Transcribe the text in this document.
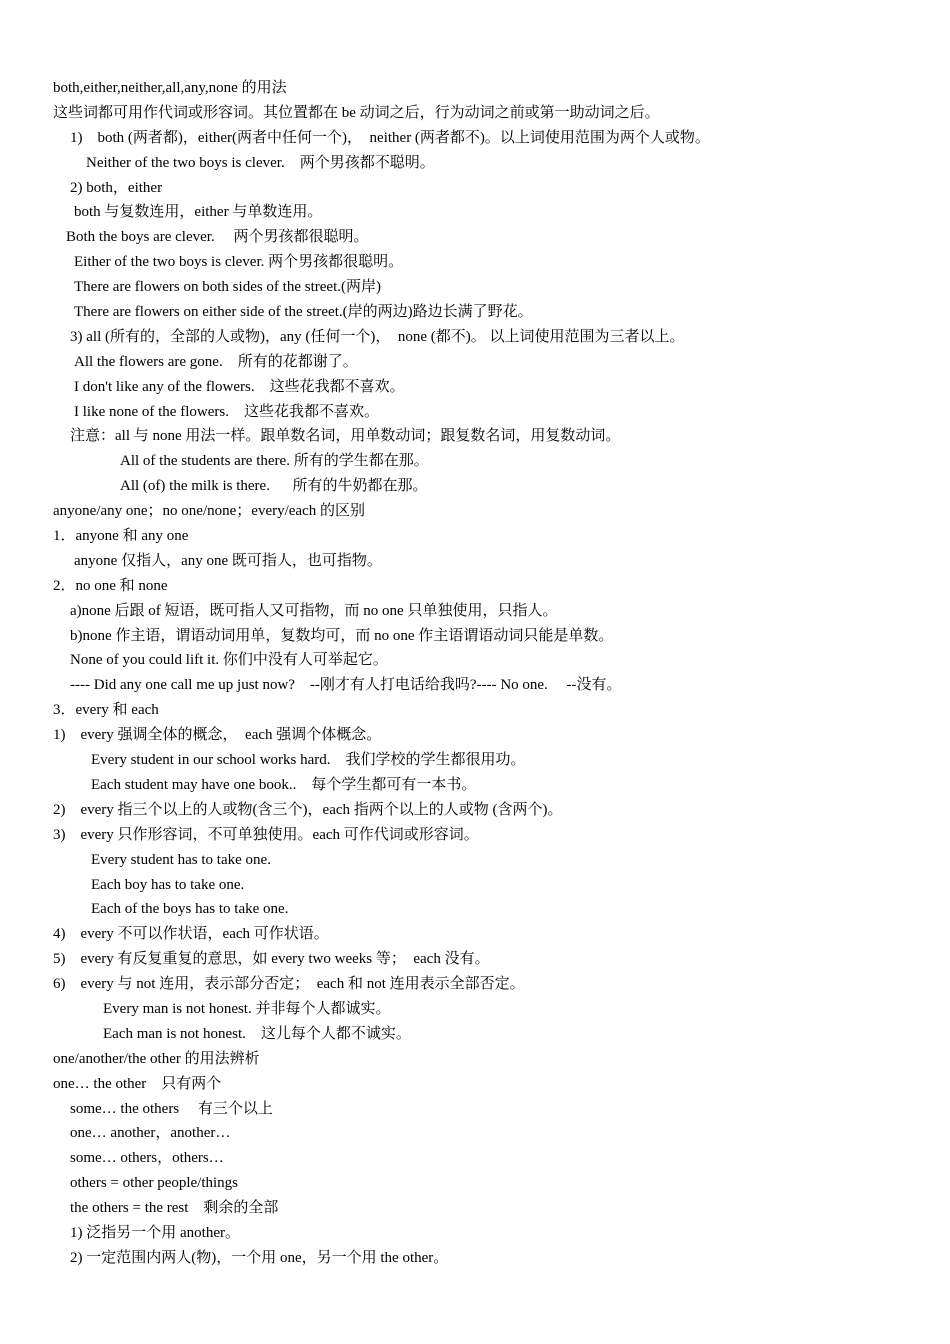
both,either,neither,all,any,none 的用法
这些词都可用作代词或形容词。其位置都在 be 动词之后，行为动词之前或第一助动词之后。
1)    both (两者都)，either(两者中任何一个)，  neither (两者都不)。以上词使用范围为两个人或物。
Neither of the two boys is clever.    两个男孩都不聪明。
2) both，either
both 与复数连用，either 与单数连用。
Both the boys are clever.     两个男孩都很聪明。
Either of the two boys is clever. 两个男孩都很聪明。
There are flowers on both sides of the street.(两岸)
There are flowers on either side of the street.(岸的两边)路边长满了野花。
3) all (所有的，全部的人或物)，any (任何一个)，  none (都不)。 以上词使用范围为三者以上。
All the flowers are gone.    所有的花都谢了。
I don't like any of the flowers.    这些花我都不喜欢。
I like none of the flowers.    这些花我都不喜欢。
注意：all 与 none 用法一样。跟单数名词，用单数动词；跟复数名词，用复数动词。
All of the students are there. 所有的学生都在那。
All (of) the milk is there.      所有的牛奶都在那。
anyone/any one；no one/none；every/each 的区别
1．anyone 和 any one
anyone 仅指人，any one 既可指人，也可指物。
2．no one 和 none
a)none 后跟 of 短语，既可指人又可指物，而 no one 只单独使用，只指人。
b)none 作主语，谓语动词用单，复数均可，而 no one 作主语谓语动词只能是单数。
None of you could lift it. 你们中没有人可举起它。
---- Did any one call me up just now?    --刚才有人打电话给我吗?---- No one.     --没有。
3．every 和 each
1)    every 强调全体的概念，  each 强调个体概念。
Every student in our school works hard.    我们学校的学生都很用功。
Each student may have one book..    每个学生都可有一本书。
2)    every 指三个以上的人或物(含三个)，each 指两个以上的人或物 (含两个)。
3)    every 只作形容词，不可单独使用。each 可作代词或形容词。
Every student has to take one.
Each boy has to take one.
Each of the boys has to take one.
4)    every 不可以作状语，each 可作状语。
5)    every 有反复重复的意思，如 every two weeks 等；  each 没有。
6)    every 与 not 连用，表示部分否定；  each 和 not 连用表示全部否定。
Every man is not honest. 并非每个人都诚实。
Each man is not honest.    这儿每个人都不诚实。
one/another/the other 的用法辨析
one… the other    只有两个
some… the others     有三个以上
one… another，another…
some… others，others…
others = other people/things
the others = the rest    剩余的全部
1) 泛指另一个用 another。
2) 一定范围内两人(物)，一个用 one，另一个用 the other。
